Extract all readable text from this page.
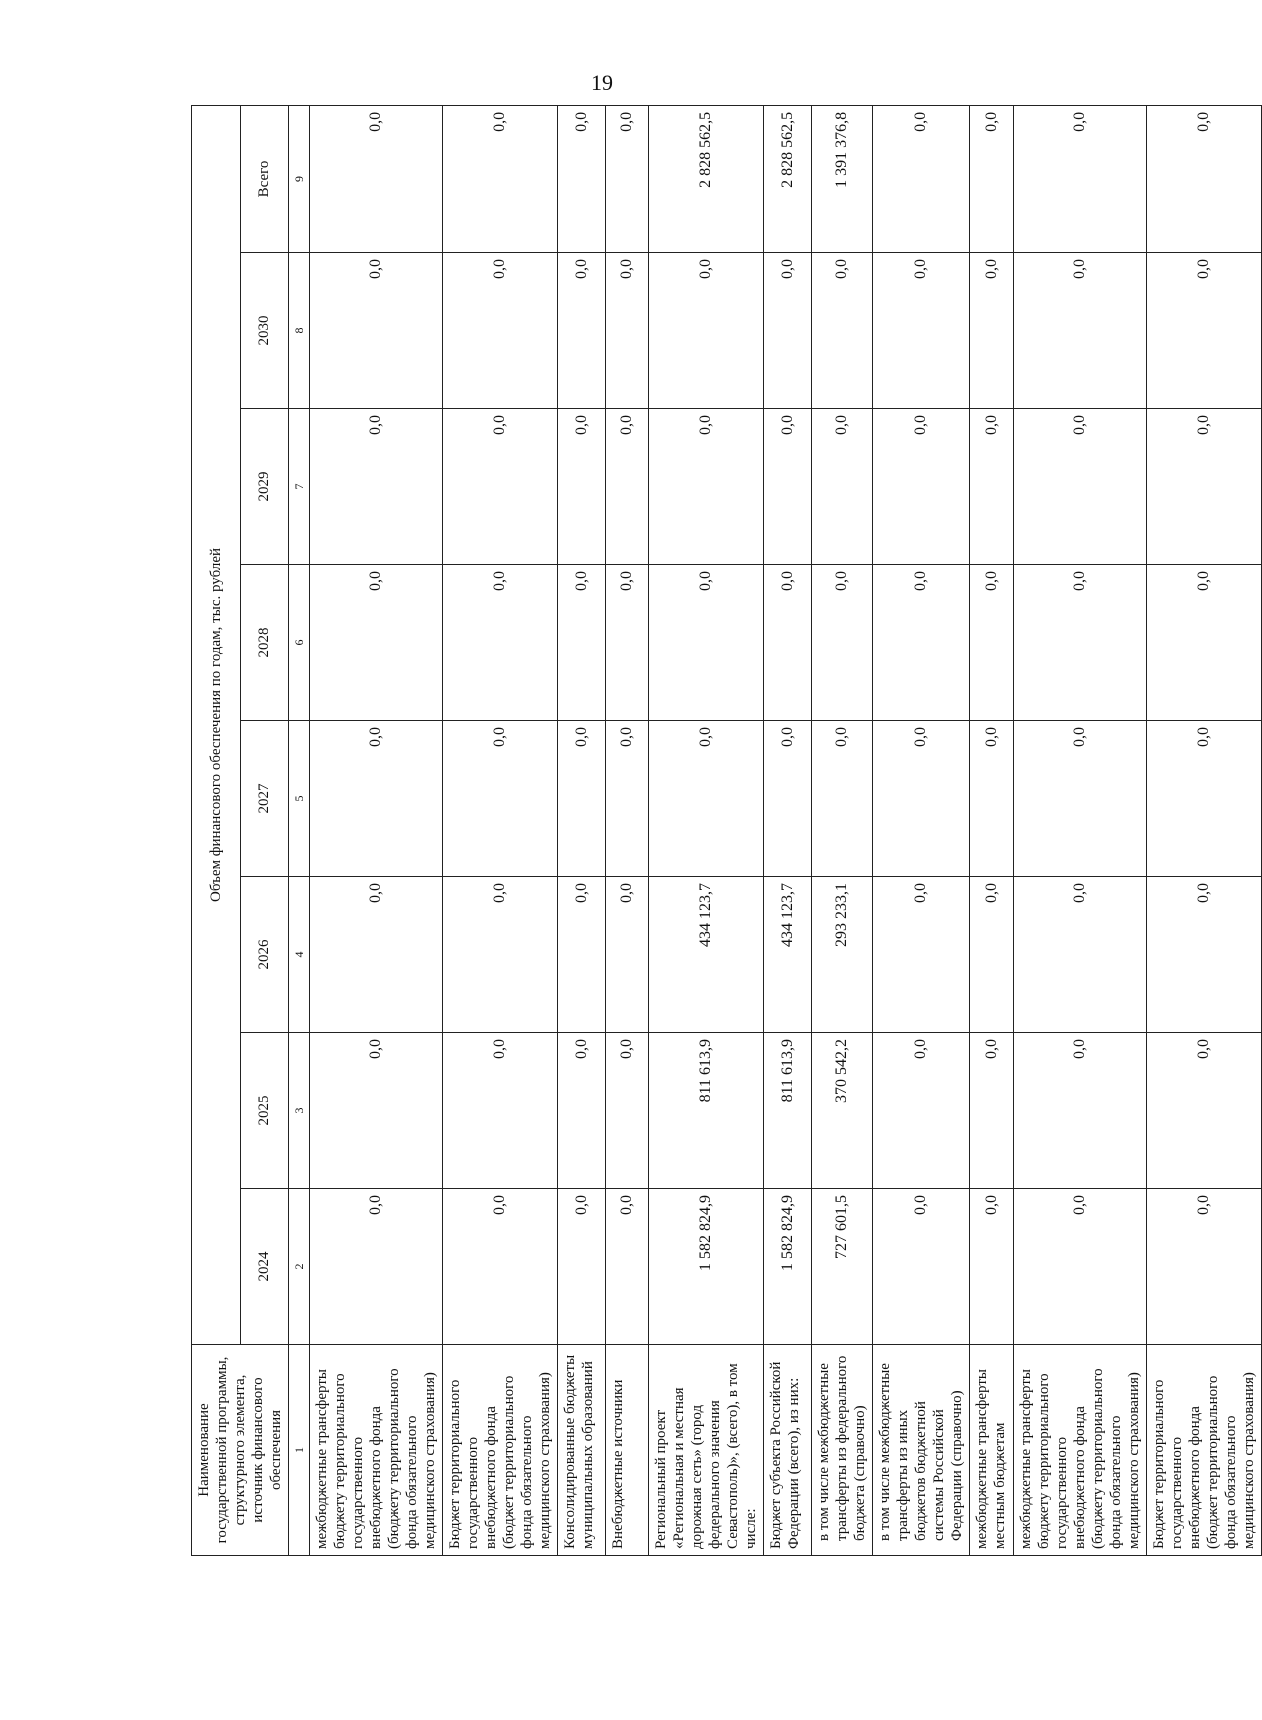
19
Наименование государственной программы, структурного элемента, источник финансового обеспечения	Объем финансового обеспечения по годам, тыс. рублей							
	2024	2025	2026	2027	2028	2029	2030	Всего
1	2	3	4	5	6	7	8	9
межбюджетные трансферты бюджету территориального государственного внебюджетного фонда (бюджету территориального фонда обязательного медицинского страхования)	0,0	0,0	0,0	0,0	0,0	0,0	0,0	0,0
Бюджет территориального государственного внебюджетного фонда (бюджет территориального фонда обязательного медицинского страхования)	0,0	0,0	0,0	0,0	0,0	0,0	0,0	0,0
Консолидированные бюджеты муниципальных образований	0,0	0,0	0,0	0,0	0,0	0,0	0,0	0,0
Внебюджетные источники	0,0	0,0	0,0	0,0	0,0	0,0	0,0	0,0
Региональный проект «Региональная и местная дорожная сеть» (город федерального значения Севастополь)», (всего), в том числе:	1 582 824,9	811 613,9	434 123,7	0,0	0,0	0,0	0,0	2 828 562,5
Бюджет субъекта Российской Федерации (всего), из них:	1 582 824,9	811 613,9	434 123,7	0,0	0,0	0,0	0,0	2 828 562,5
в том числе межбюджетные трансферты из федерального бюджета (справочно)	727 601,5	370 542,2	293 233,1	0,0	0,0	0,0	0,0	1 391 376,8
в том числе межбюджетные трансферты из иных бюджетов бюджетной системы Российской Федерации (справочно)	0,0	0,0	0,0	0,0	0,0	0,0	0,0	0,0
межбюджетные трансферты местным бюджетам	0,0	0,0	0,0	0,0	0,0	0,0	0,0	0,0
межбюджетные трансферты бюджету территориального государственного внебюджетного фонда (бюджету территориального фонда обязательного медицинского страхования)	0,0	0,0	0,0	0,0	0,0	0,0	0,0	0,0
Бюджет территориального государственного внебюджетного фонда (бюджет территориального фонда обязательного медицинского страхования)	0,0	0,0	0,0	0,0	0,0	0,0	0,0	0,0
